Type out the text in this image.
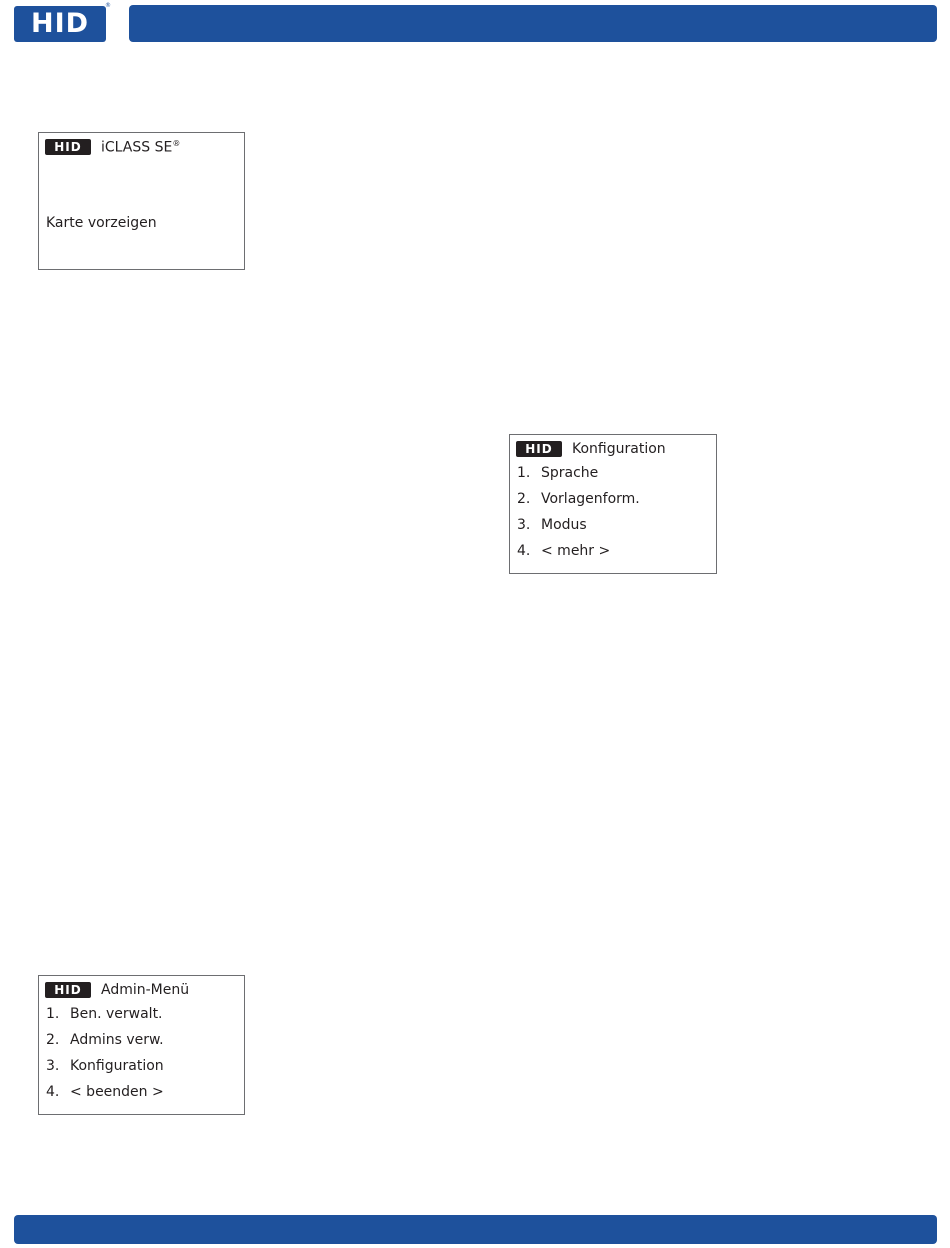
HID
®
HID	iCLASS SE®
Karte vorzeigen
HID	Konfiguration
1. Sprache
2. Vorlagenform.
3. Modus
4. < mehr >
HID	Admin-Menü
1. Ben. verwalt.
2. Admins verw.
3. Konfiguration
4. < beenden >
